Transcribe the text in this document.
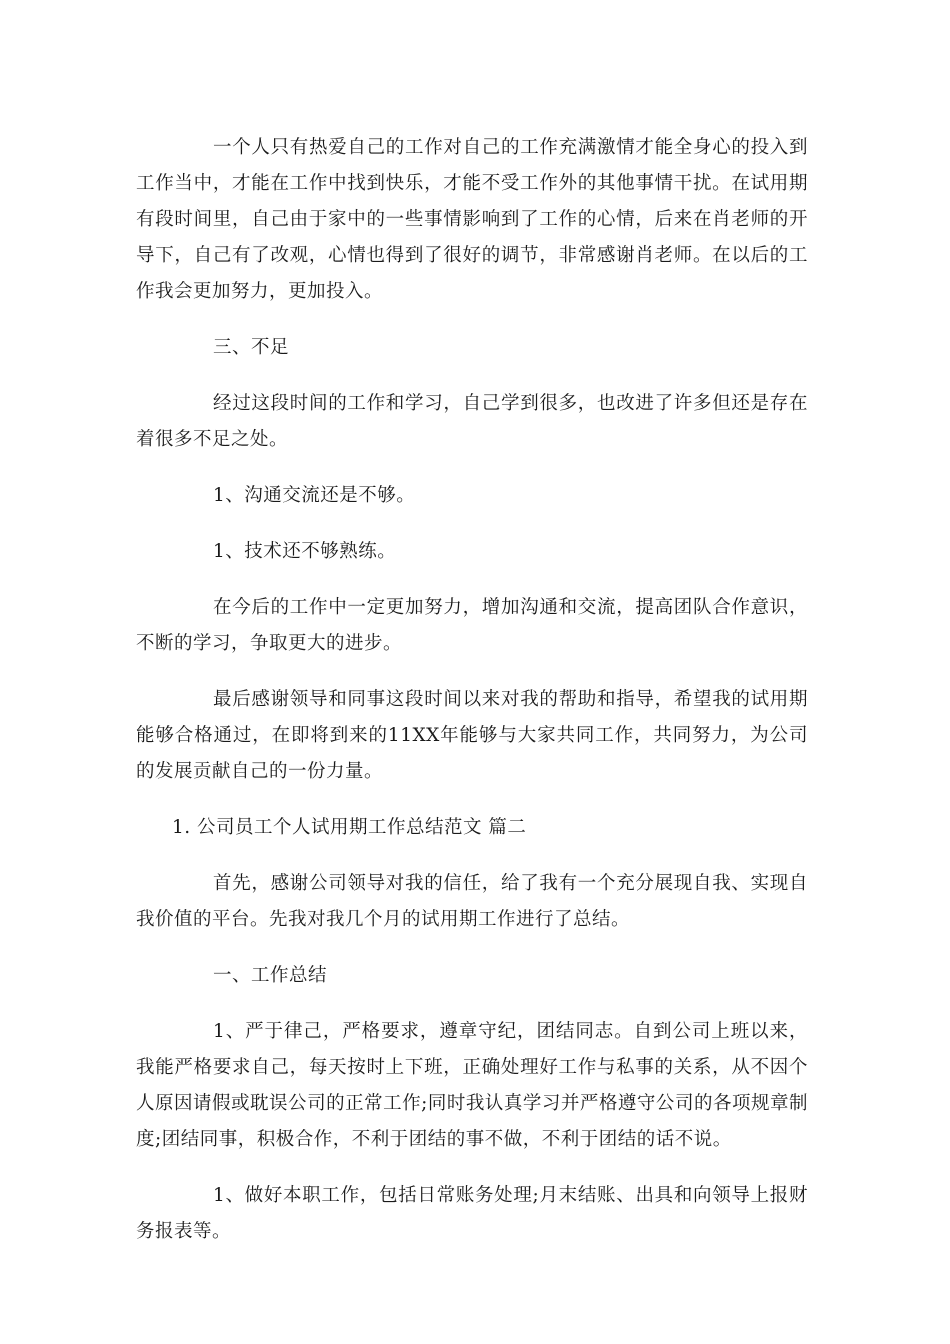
一个人只有热爱自己的工作对自己的工作充满激情才能全身心的投入到工作当中，才能在工作中找到快乐，才能不受工作外的其他事情干扰。在试用期有段时间里，自己由于家中的一些事情影响到了工作的心情，后来在肖老师的开导下，自己有了改观，心情也得到了很好的调节，非常感谢肖老师。在以后的工作我会更加努力，更加投入。

三、不足

经过这段时间的工作和学习，自己学到很多，也改进了许多但还是存在着很多不足之处。

1、沟通交流还是不够。

1、技术还不够熟练。

在今后的工作中一定更加努力，增加沟通和交流，提高团队合作意识，不断的学习，争取更大的进步。

最后感谢领导和同事这段时间以来对我的帮助和指导，希望我的试用期能够合格通过，在即将到来的11XX年能够与大家共同工作，共同努力，为公司的发展贡献自己的一份力量。

1. 公司员工个人试用期工作总结范文 篇二

首先，感谢公司领导对我的信任，给了我有一个充分展现自我、实现自我价值的平台。先我对我几个月的试用期工作进行了总结。

一、工作总结

1、严于律己，严格要求，遵章守纪，团结同志。自到公司上班以来，我能严格要求自己，每天按时上下班，正确处理好工作与私事的关系，从不因个人原因请假或耽误公司的正常工作;同时我认真学习并严格遵守公司的各项规章制度;团结同事，积极合作，不利于团结的事不做，不利于团结的话不说。

1、做好本职工作，包括日常账务处理;月末结账、出具和向领导上报财务报表等。
